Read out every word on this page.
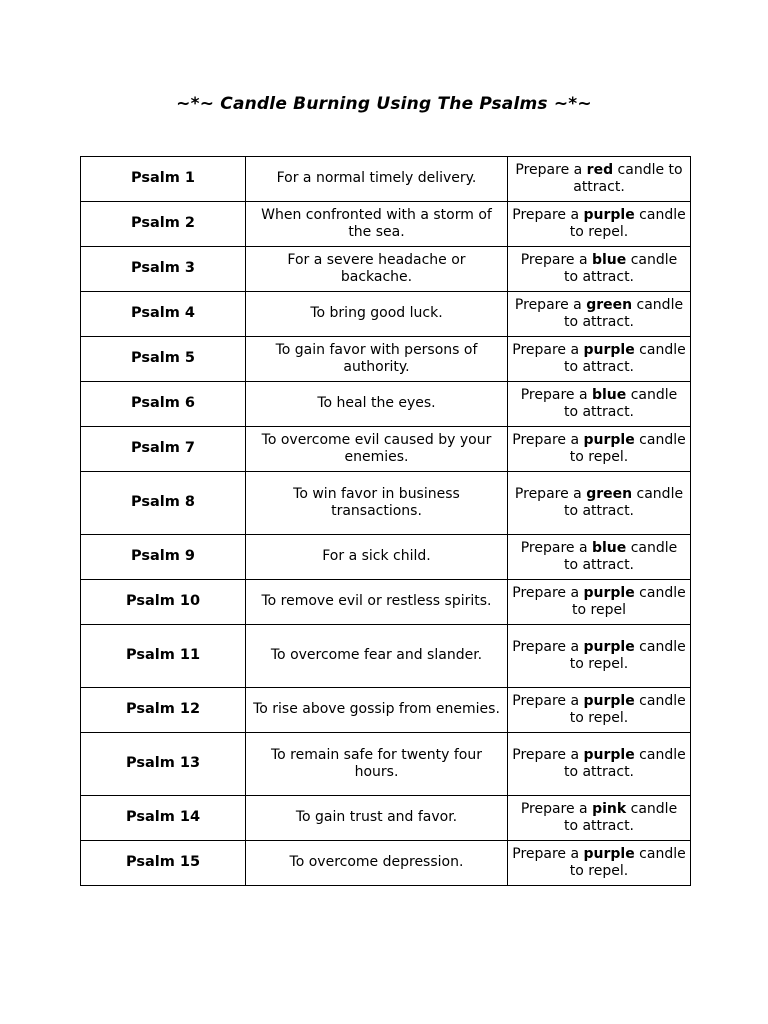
~*~ Candle Burning Using The Psalms ~*~
Psalm 1	For a normal timely delivery.	Prepare a red candle to attract.
Psalm 2	When confronted with a storm of the sea.	Prepare a purple candle to repel.
Psalm 3	For a severe headache or backache.	Prepare a blue candle to attract.
Psalm 4	To bring good luck.	Prepare a green candle to attract.
Psalm 5	To gain favor with persons of authority.	Prepare a purple candle to attract.
Psalm 6	To heal the eyes.	Prepare a blue candle to attract.
Psalm 7	To overcome evil caused by your enemies.	Prepare a purple candle to repel.
Psalm 8	To win favor in business transactions.	Prepare a green candle to attract.
Psalm 9	For a sick child.	Prepare a blue candle to attract.
Psalm 10	To remove evil or restless spirits.	Prepare a purple candle to repel
Psalm 11	To overcome fear and slander.	Prepare a purple candle to repel.
Psalm 12	To rise above gossip from enemies.	Prepare a purple candle to repel.
Psalm 13	To remain safe for twenty four hours.	Prepare a purple candle to attract.
Psalm 14	To gain trust and favor.	Prepare a pink candle to attract.
Psalm 15	To overcome depression.	Prepare a purple candle to repel.
